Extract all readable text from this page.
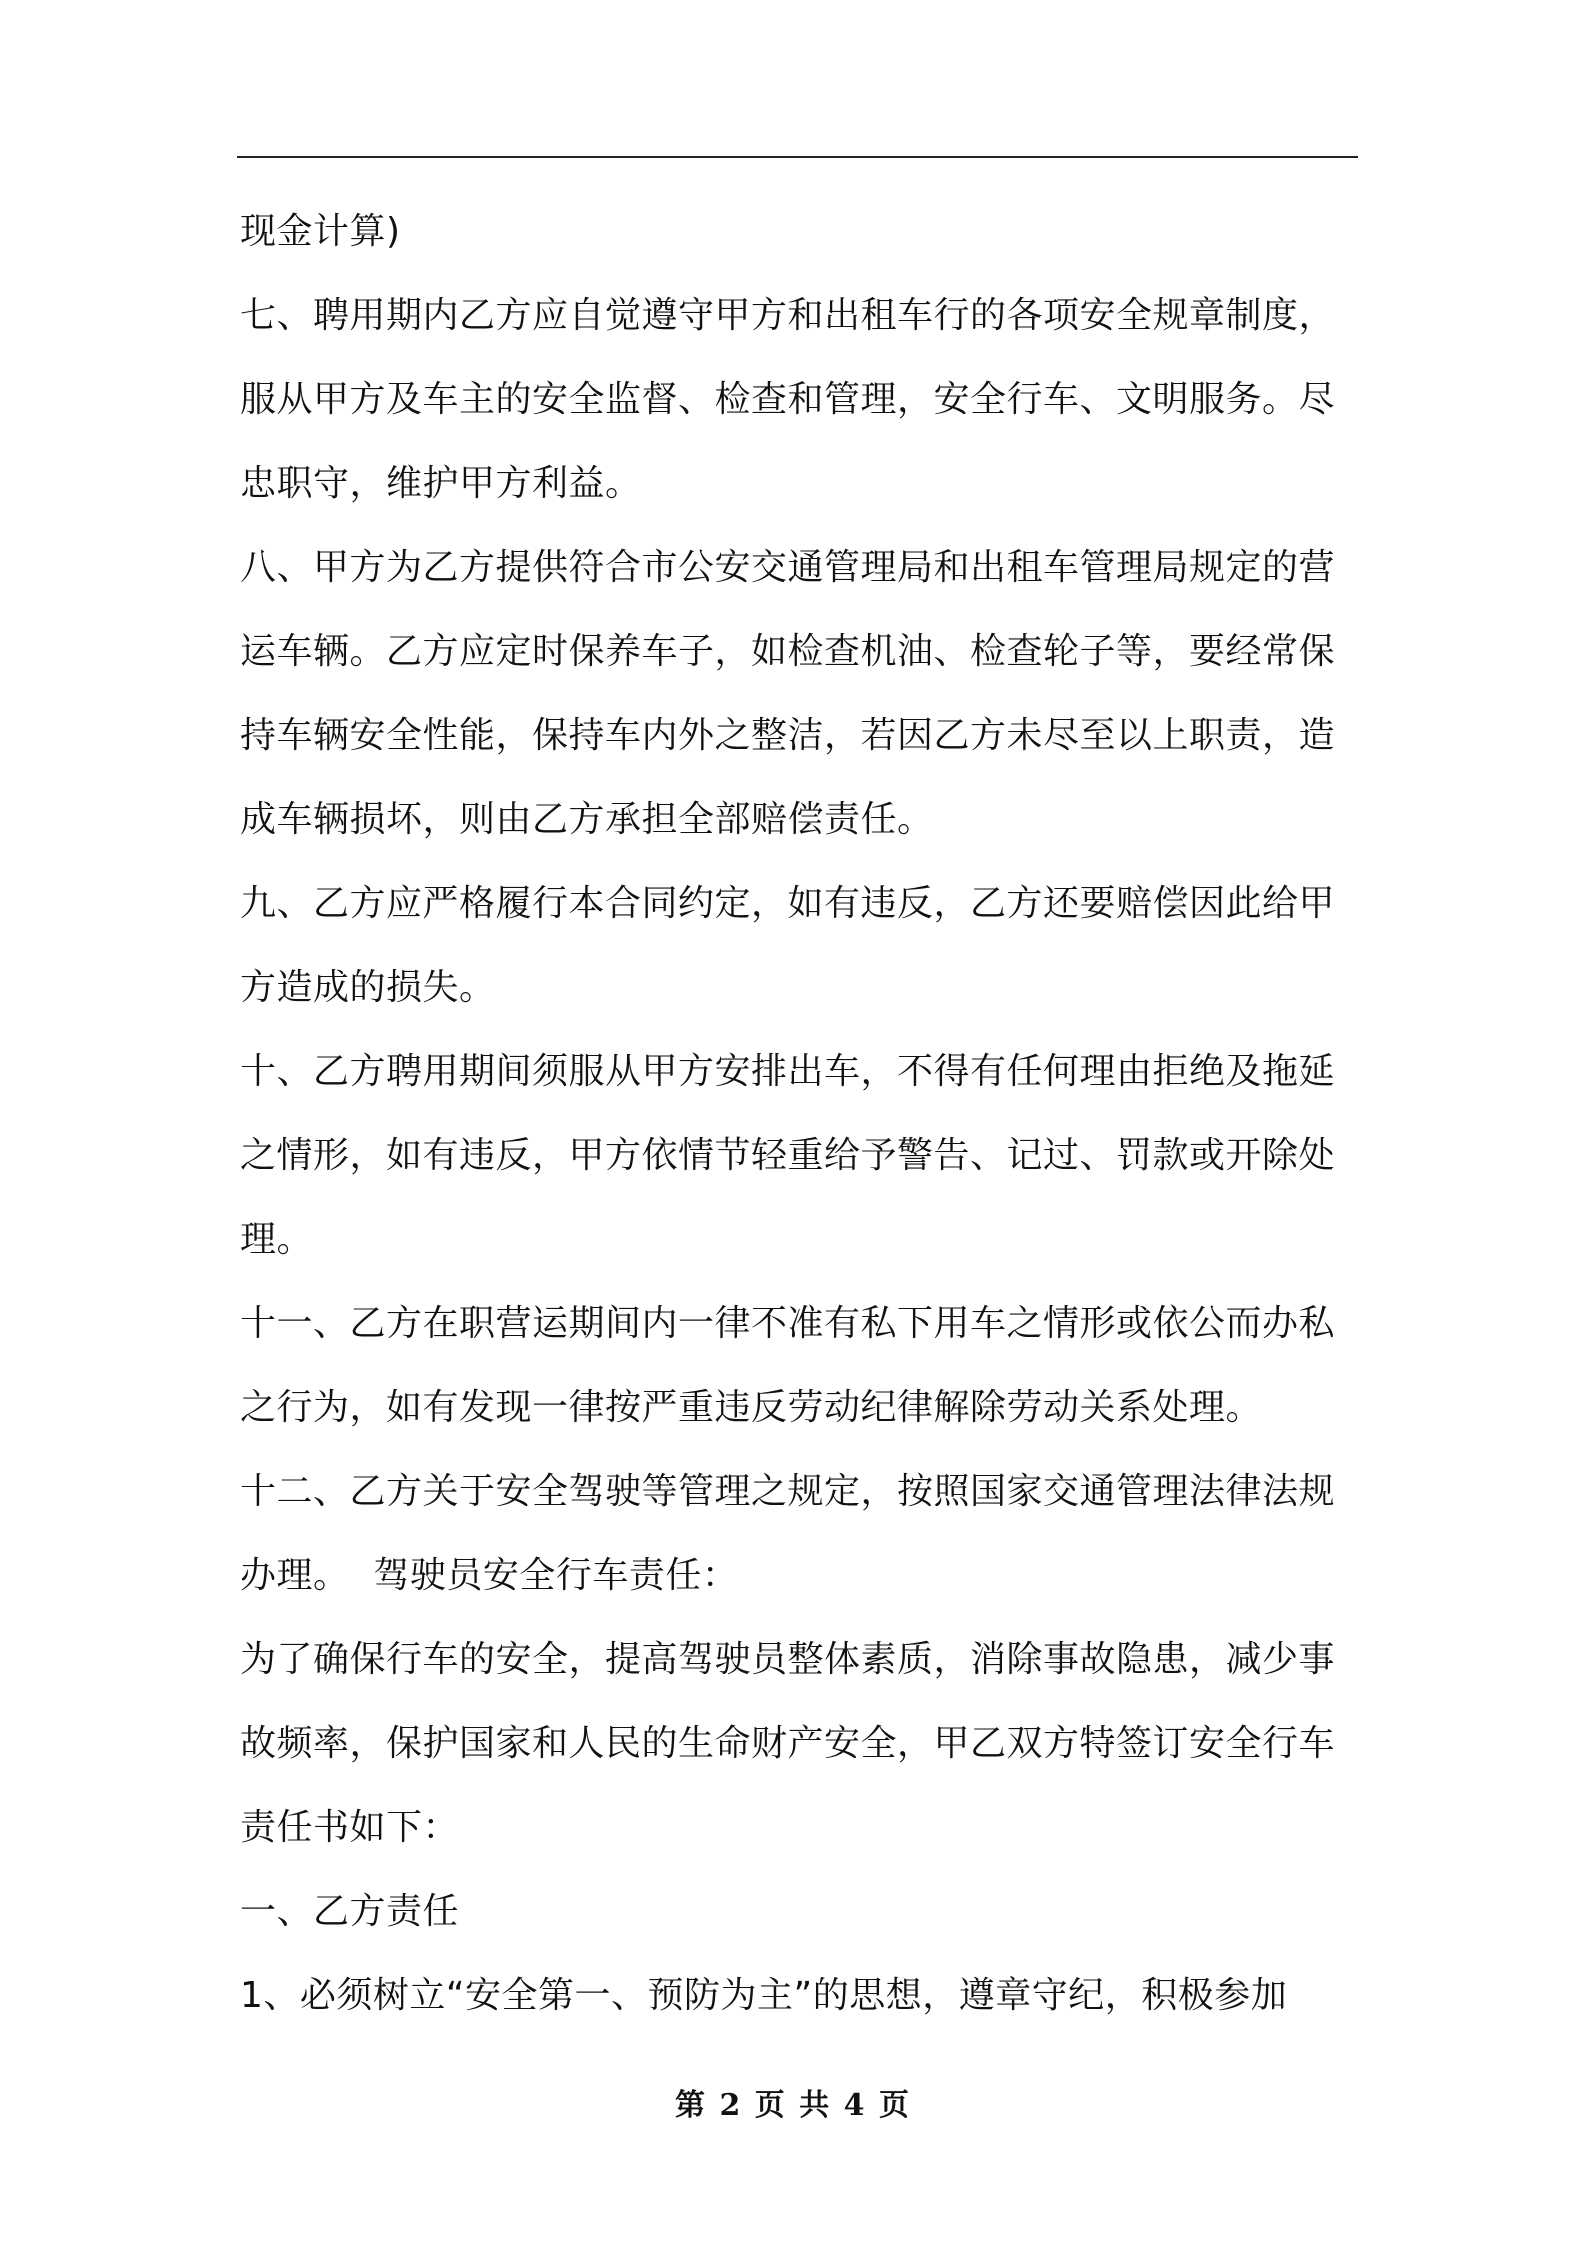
现金计算)
七、聘用期内乙方应自觉遵守甲方和出租车行的各项安全规章制度，
服从甲方及车主的安全监督、检查和管理，安全行车、文明服务。尽
忠职守，维护甲方利益。
八、甲方为乙方提供符合市公安交通管理局和出租车管理局规定的营
运车辆。乙方应定时保养车子，如检查机油、检查轮子等，要经常保
持车辆安全性能，保持车内外之整洁，若因乙方未尽至以上职责，造
成车辆损坏，则由乙方承担全部赔偿责任。
九、乙方应严格履行本合同约定，如有违反，乙方还要赔偿因此给甲
方造成的损失。
十、乙方聘用期间须服从甲方安排出车，不得有任何理由拒绝及拖延
之情形，如有违反，甲方依情节轻重给予警告、记过、罚款或开除处
理。
十一、乙方在职营运期间内一律不准有私下用车之情形或依公而办私
之行为，如有发现一律按严重违反劳动纪律解除劳动关系处理。
十二、乙方关于安全驾驶等管理之规定，按照国家交通管理法律法规
办理。  驾驶员安全行车责任：
为了确保行车的安全，提高驾驶员整体素质，消除事故隐患，减少事
故频率，保护国家和人民的生命财产安全，甲乙双方特签订安全行车
责任书如下：
一、乙方责任
1、必须树立“安全第一、预防为主”的思想，遵章守纪，积极参加
第 2 页 共 4 页
